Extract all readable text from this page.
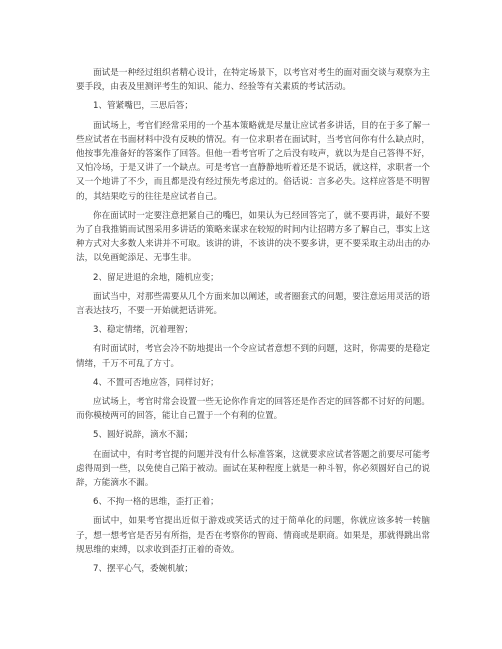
面试是一种经过组织者精心设计，在特定场景下，以考官对考生的面对面交谈与观察为主要手段，由表及里测评考生的知识、能力、经验等有关素质的考试活动。

1、管紧嘴巴，三思后答；

面试场上，考官们经常采用的一个基本策略就是尽量让应试者多讲话，目的在于多了解一些应试者在书面材料中没有反映的情况。有一位求职者在面试时，当考官问你有什么缺点时，他按事先准备好的答案作了回答。但他一看考官听了之后没有吱声，就以为是自己答得不好，又怕冷场，于是又讲了一个缺点。可是考官一直静静地听着还是不说话，就这样，求职者一个又一个地讲了不少，而且都是没有经过预先考虑过的。俗话说：言多必失。这样应答是不明智的，其结果吃亏的往往是应试者自己。

你在面试时一定要注意把紧自己的嘴巴，如果认为已经回答完了，就不要再讲，最好不要为了自我推销而试图采用多讲话的策略来谋求在较短的时间内让招聘方多了解自己，事实上这种方式对大多数人来讲并不可取。该讲的讲，不该讲的决不要多讲，更不要采取主动出击的办法，以免画蛇添足、无事生非。

2、留足进退的余地，随机应变；

面试当中，对那些需要从几个方面来加以阐述，或者圈套式的问题，要注意运用灵活的语言表达技巧，不要一开始就把话讲死。

3、稳定情绪，沉着理智；

有时面试时，考官会冷不防地提出一个令应试者意想不到的问题，这时，你需要的是稳定情绪，千万不可乱了方寸。

4、不置可否地应答，同样讨好；

应试场上，考官时常会设置一些无论你作肯定的回答还是作否定的回答都不讨好的问题。而你模棱两可的回答，能让自己置于一个有利的位置。

5、圆好说辞，滴水不漏；

在面试中，有时考官提的问题并没有什么标准答案，这就要求应试者答题之前要尽可能考虑得周到一些，以免使自己陷于被动。面试在某种程度上就是一种斗智，你必须圆好自己的说辞，方能滴水不漏。

6、不拘一格的思维，歪打正着；

面试中，如果考官提出近似于游戏或笑话式的过于简单化的问题，你就应该多转一转脑子，想一想考官是否另有所指，是否在考察你的智商、情商或是职商。如果是，那就得跳出常规思维的束缚，以求收到歪打正着的奇效。

7、摆平心气，委婉机敏；
